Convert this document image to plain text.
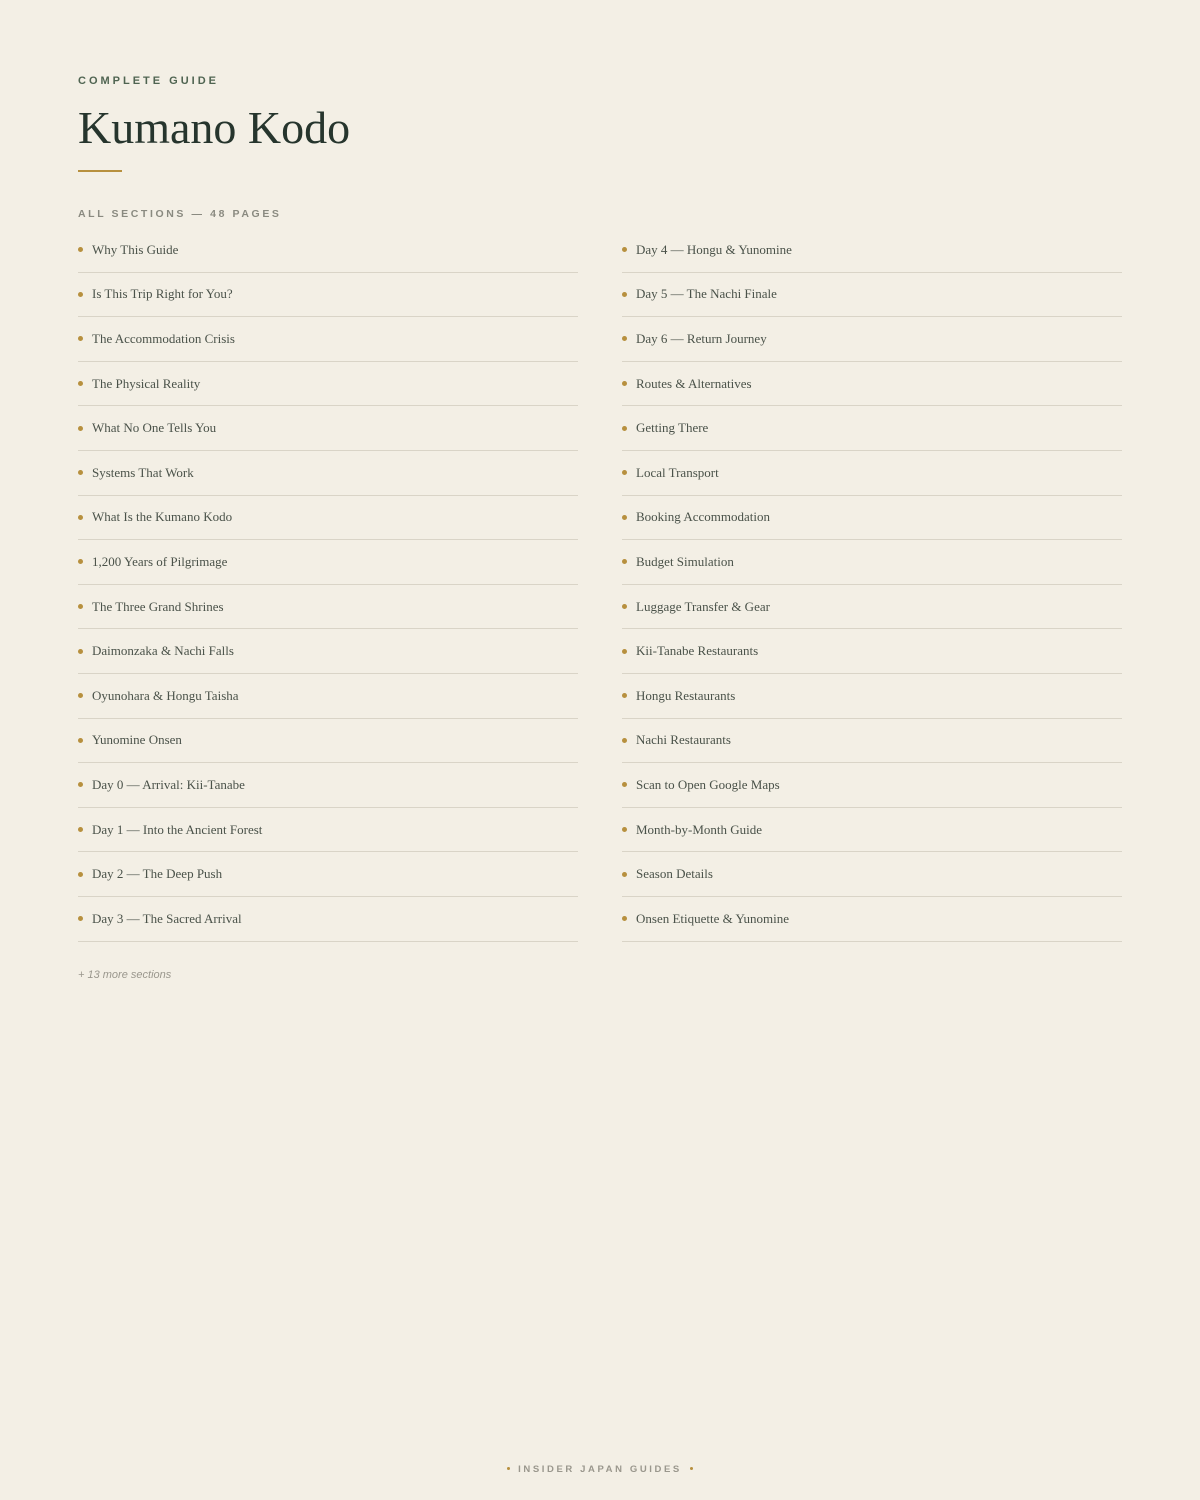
COMPLETE GUIDE
Kumano Kodo
ALL SECTIONS — 48 PAGES
Why This Guide
Is This Trip Right for You?
The Accommodation Crisis
The Physical Reality
What No One Tells You
Systems That Work
What Is the Kumano Kodo
1,200 Years of Pilgrimage
The Three Grand Shrines
Daimonzaka & Nachi Falls
Oyunohara & Hongu Taisha
Yunomine Onsen
Day 0 — Arrival: Kii-Tanabe
Day 1 — Into the Ancient Forest
Day 2 — The Deep Push
Day 3 — The Sacred Arrival
Day 4 — Hongu & Yunomine
Day 5 — The Nachi Finale
Day 6 — Return Journey
Routes & Alternatives
Getting There
Local Transport
Booking Accommodation
Budget Simulation
Luggage Transfer & Gear
Kii-Tanabe Restaurants
Hongu Restaurants
Nachi Restaurants
Scan to Open Google Maps
Month-by-Month Guide
Season Details
Onsen Etiquette & Yunomine
+ 13 more sections
INSIDER JAPAN GUIDES
